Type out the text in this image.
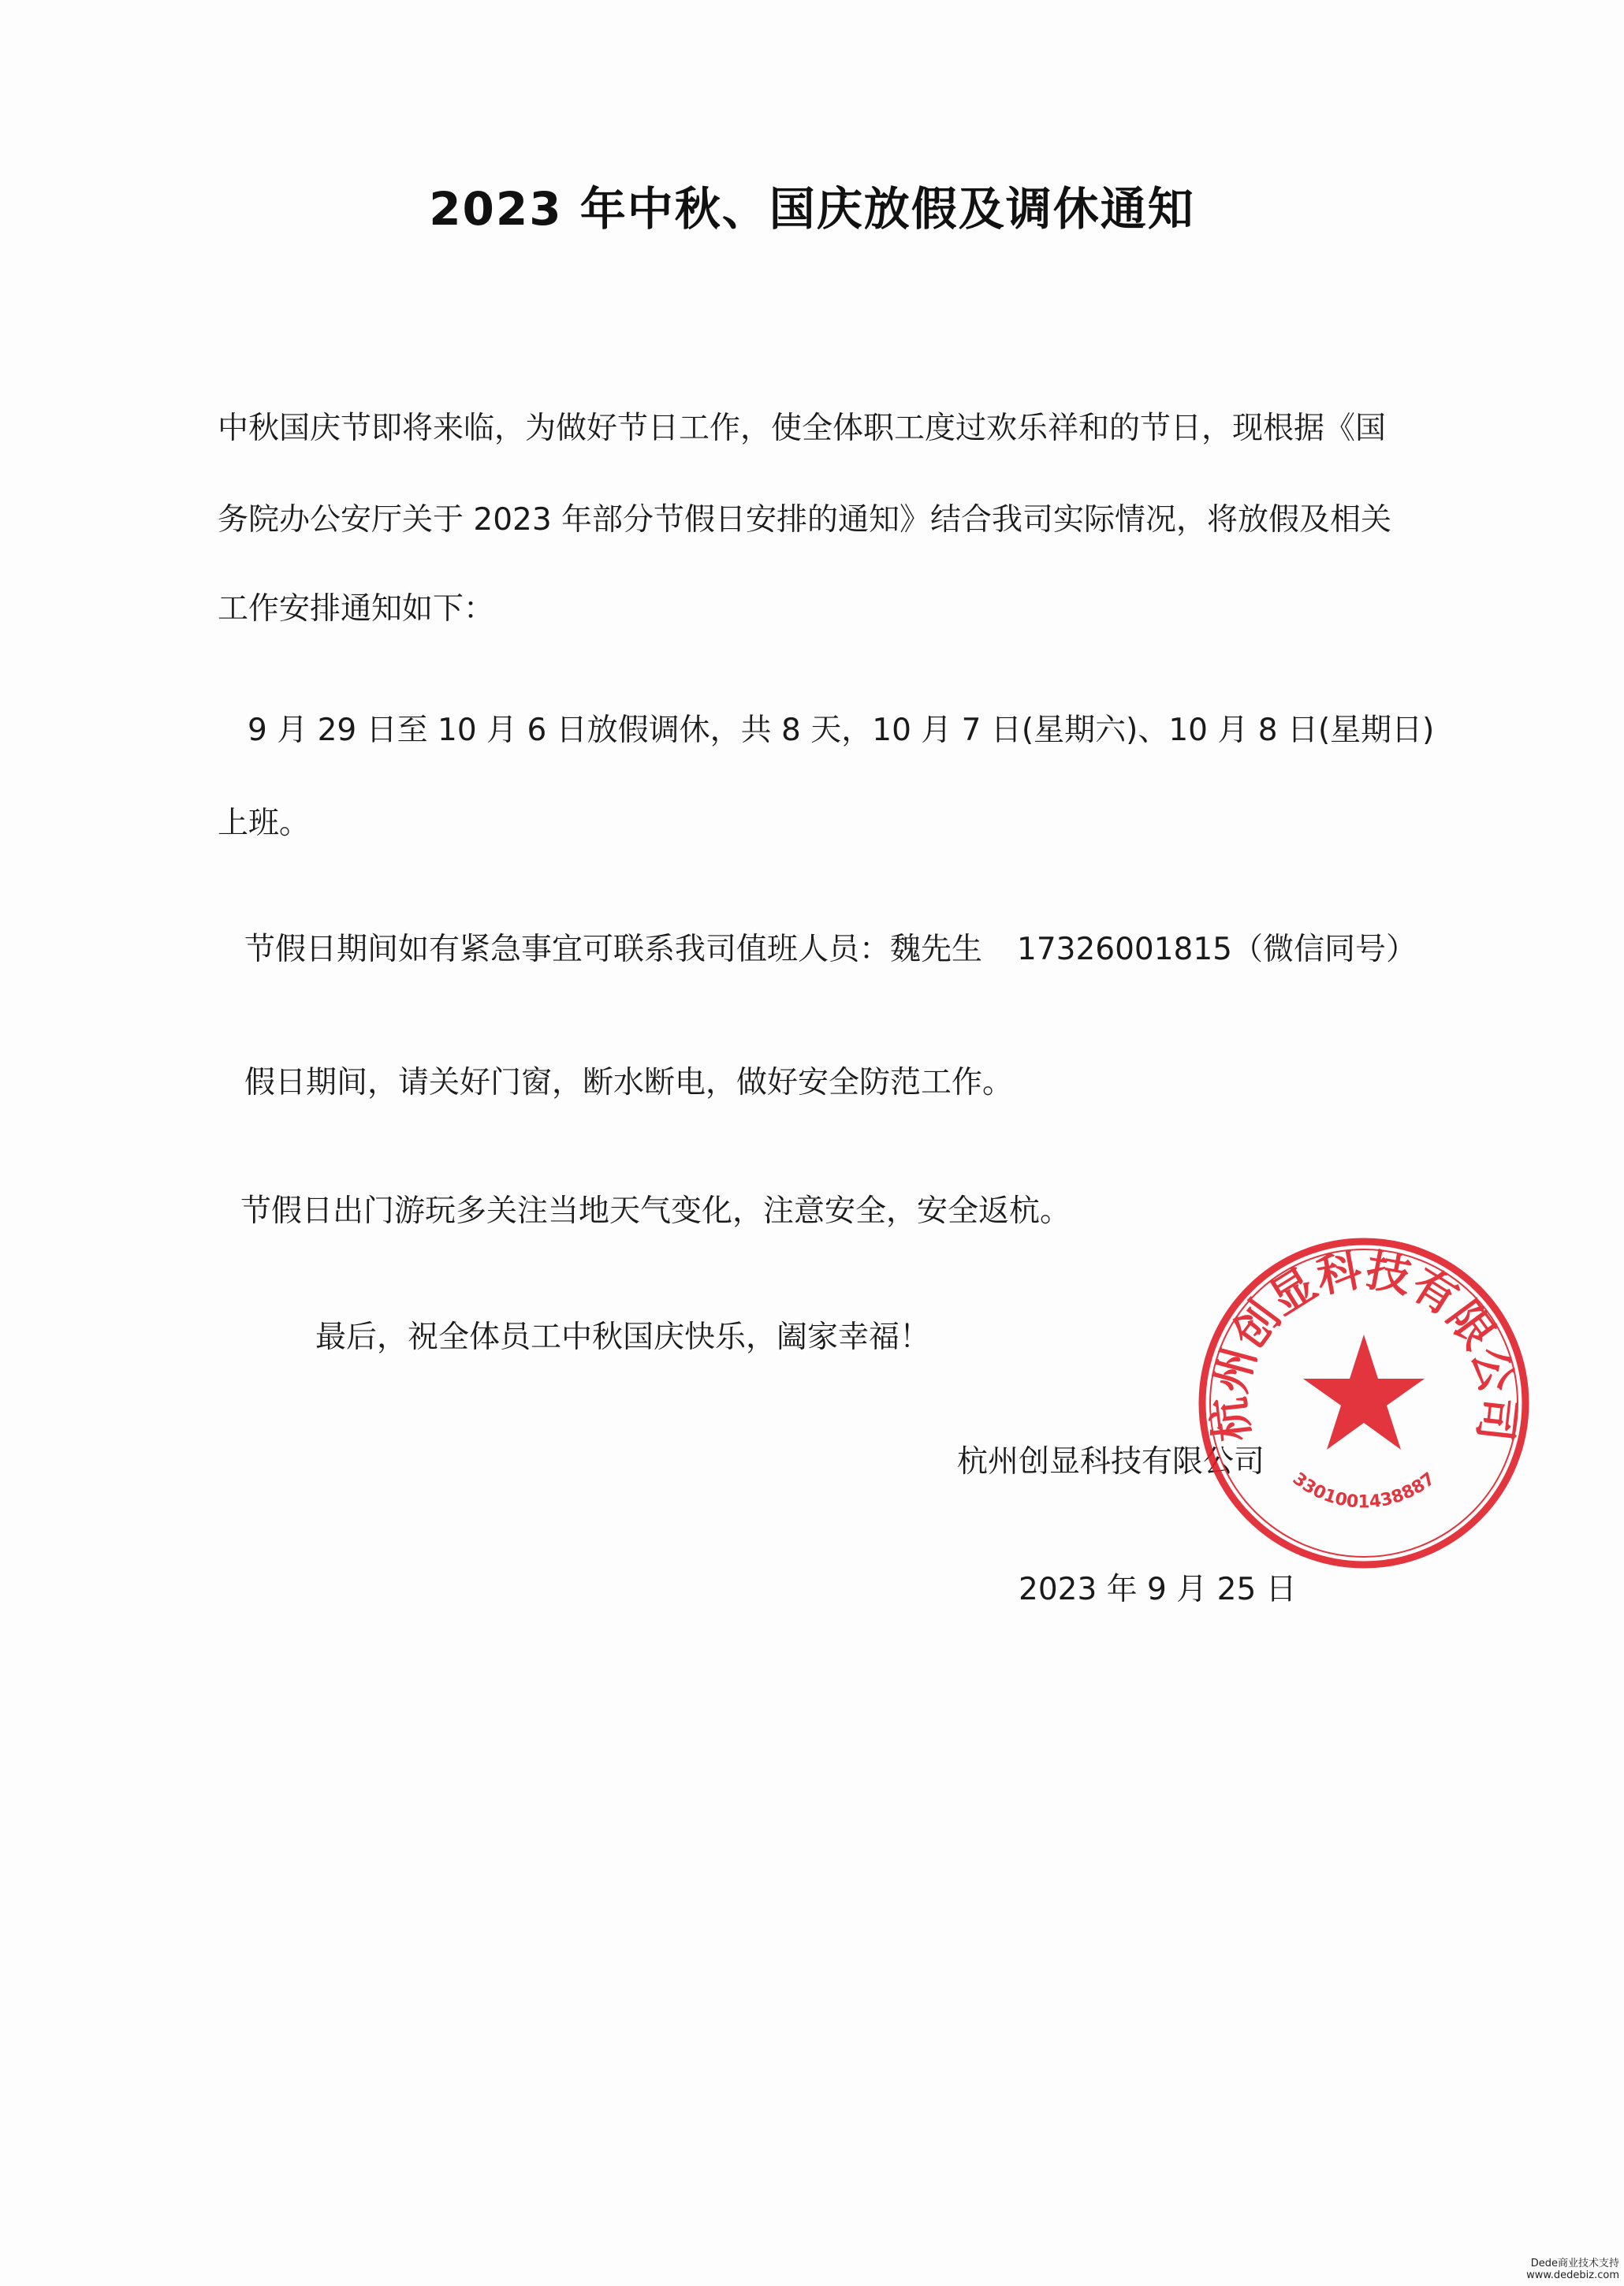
2023 年中秋、国庆放假及调休通知
中秋国庆节即将来临，为做好节日工作，使全体职工度过欢乐祥和的节日，现根据《国
务院办公安厅关于 2023 年部分节假日安排的通知》结合我司实际情况，将放假及相关
工作安排通知如下：
9 月 29 日至 10 月 6 日放假调休，共 8 天，10 月 7 日(星期六)、10 月 8 日(星期日)
上班。
节假日期间如有紧急事宜可联系我司值班人员：魏先生 17326001815（微信同号）
假日期间，请关好门窗，断水断电，做好安全防范工作。
节假日出门游玩多关注当地天气变化，注意安全，安全返杭。
最后，祝全体员工中秋国庆快乐，阖家幸福！
杭州创显科技有限公司
2023 年 9 月 25 日
杭州创显科技有限公司
3301001438887
Dede商业技术支持
www.dedebiz.com
